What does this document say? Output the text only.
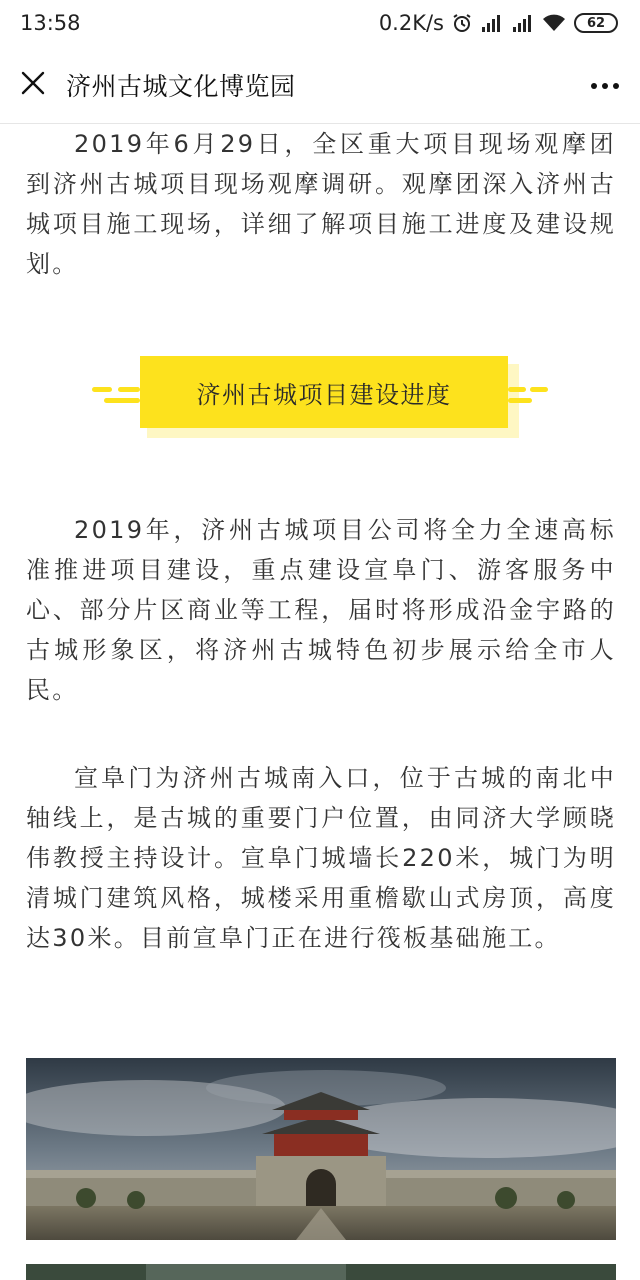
13:58	0.2K/s	62
济州古城文化博览园

2019年6月29日，全区重大项目现场观摩团到济州古城项目现场观摩调研。观摩团深入济州古城项目施工现场，详细了解项目施工进度及建设规划。

济州古城项目建设进度

2019年，济州古城项目公司将全力全速高标准推进项目建设，重点建设宣阜门、游客服务中心、部分片区商业等工程，届时将形成沿金宇路的古城形象区，将济州古城特色初步展示给全市人民。

宣阜门为济州古城南入口，位于古城的南北中轴线上，是古城的重要门户位置，由同济大学顾晓伟教授主持设计。宣阜门城墙长220米，城门为明清城门建筑风格，城楼采用重檐歇山式房顶，高度达30米。目前宣阜门正在进行筏板基础施工。
